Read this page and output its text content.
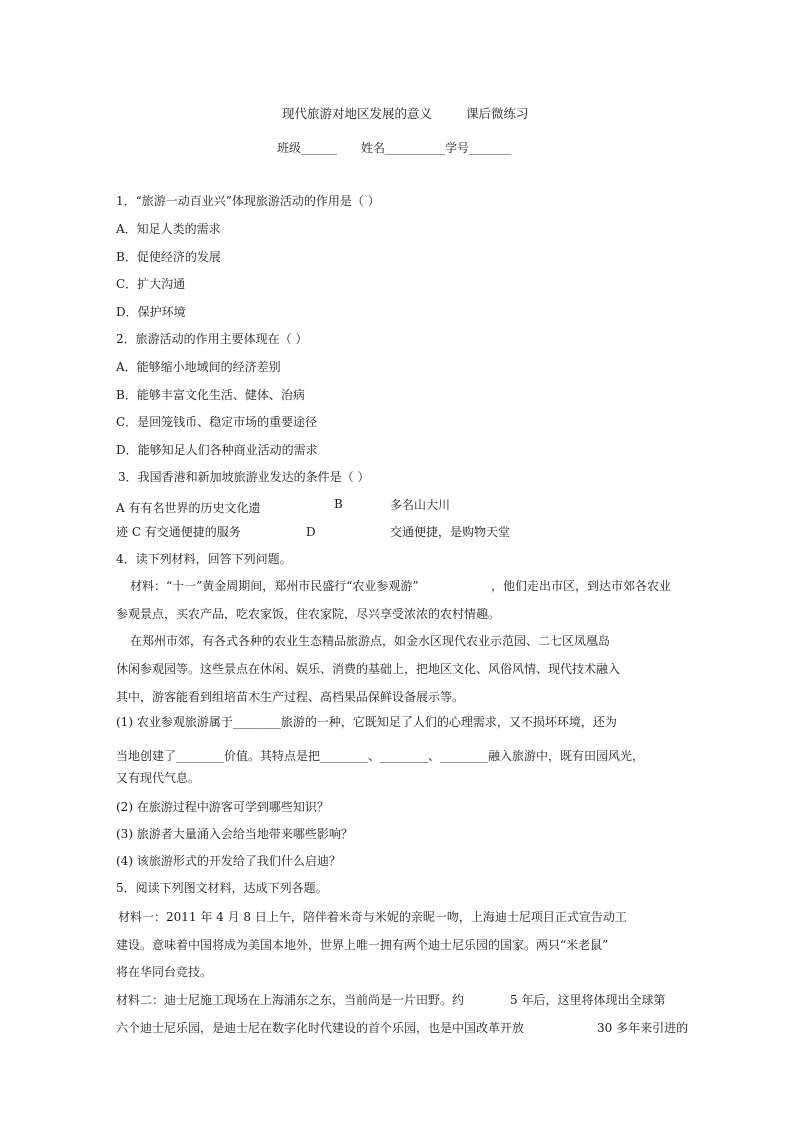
现代旅游对地区发展的意义	课后微练习
班级______ 姓名__________学号_______
1．“旅游一动百业兴”体现旅游活动的作用是（ ）
A．知足人类的需求
B．促使经济的发展
C．扩大沟通
D．保护环境
2．旅游活动的作用主要体现在（ ）
A．能够缩小地域间的经济差别
B．能够丰富文化生活、健体、治病
C．是回笼钱币、稳定市场的重要途径
D．能够知足人们各种商业活动的需求
3．我国香港和新加坡旅游业发达的条件是（ ）
A 有有名世界的历史文化遗	B	多名山大川
迹 C 有交通便捷的服务	D	交通便捷，是购物天堂
4．读下列材料，回答下列问题。
材料：“十一”黄金周期间，郑州市民盛行“农业参观游”	，他们走出市区，到达市郊各农业
参观景点，买农产品，吃农家饭，住农家院，尽兴享受浓浓的农村情趣。
在郑州市郊，有各式各种的农业生态精品旅游点，如金水区现代农业示范园、二七区凤凰岛
休闲参观园等。这些景点在休闲、娱乐、消费的基础上，把地区文化、风俗风情、现代技术融入
其中，游客能看到组培苗木生产过程、高档果品保鲜设备展示等。
(1) 农业参观旅游属于________旅游的一种，它既知足了人们的心理需求，又不损坏环境，还为
当地创建了________价值。其特点是把________、________、________融入旅游中，既有田园风光，
又有现代气息。
(2) 在旅游过程中游客可学到哪些知识？
(3) 旅游者大量涌入会给当地带来哪些影响？
(4) 该旅游形式的开发给了我们什么启迪？
5．阅读下列图文材料，达成下列各题。
材料一：2011 年 4 月 8 日上午，陪伴着米奇与米妮的亲昵一吻，上海迪士尼项目正式宣告动工
建设。意味着中国将成为美国本地外，世界上唯一拥有两个迪士尼乐园的国家。两只“米老鼠”
将在华同台竞技。
材料二：迪士尼施工现场在上海浦东之东，当前尚是一片田野。约	5 年后，这里将体现出全球第
六个迪士尼乐园，是迪士尼在数字化时代建设的首个乐园，也是中国改革开放	30 多年来引进的
